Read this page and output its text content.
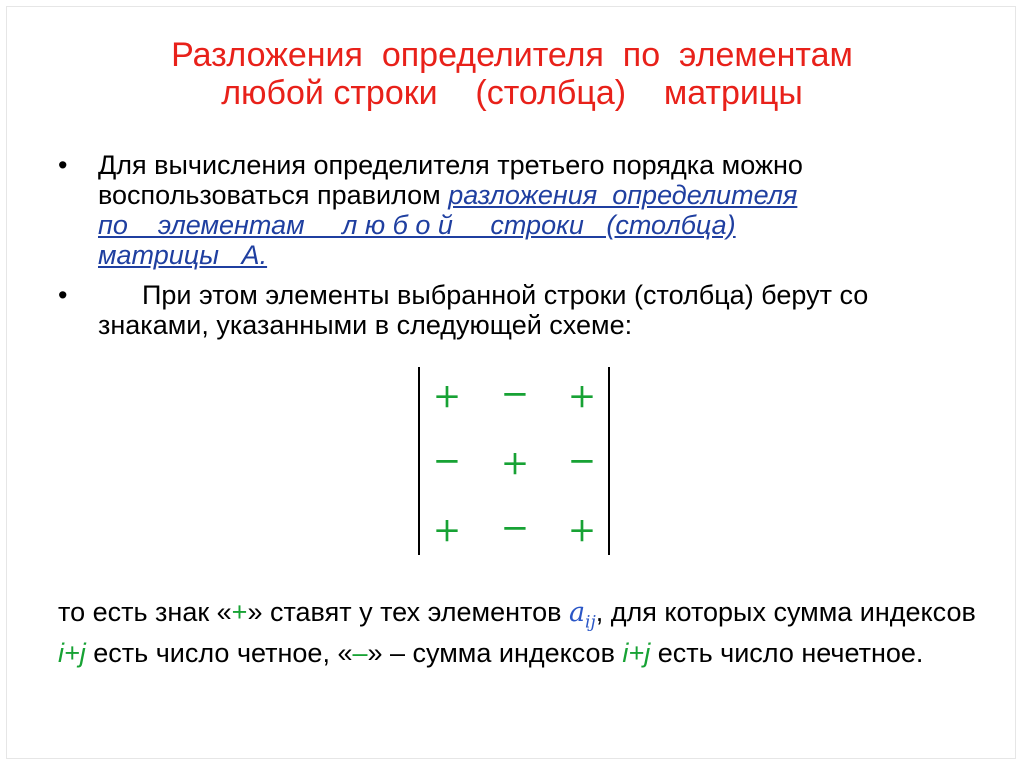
Разложения  определителя  по  элементам
любой строки    (столбца)    матрицы
• Для вычисления определителя третьего порядка можно воспользоваться правилом разложения  определителя
по    элементам     л ю б о й     строки   (столбца)
матрицы   А.
•	При этом элементы выбранной строки (столбца) берут со знаками, указанными в следующей схеме:
+ − +
− + −
+ − +
то есть знак «+» ставят у тех элементов $a_{ij}$, для которых сумма индексов i+j есть число четное, «–» – сумма индексов i+j есть число нечетное.
